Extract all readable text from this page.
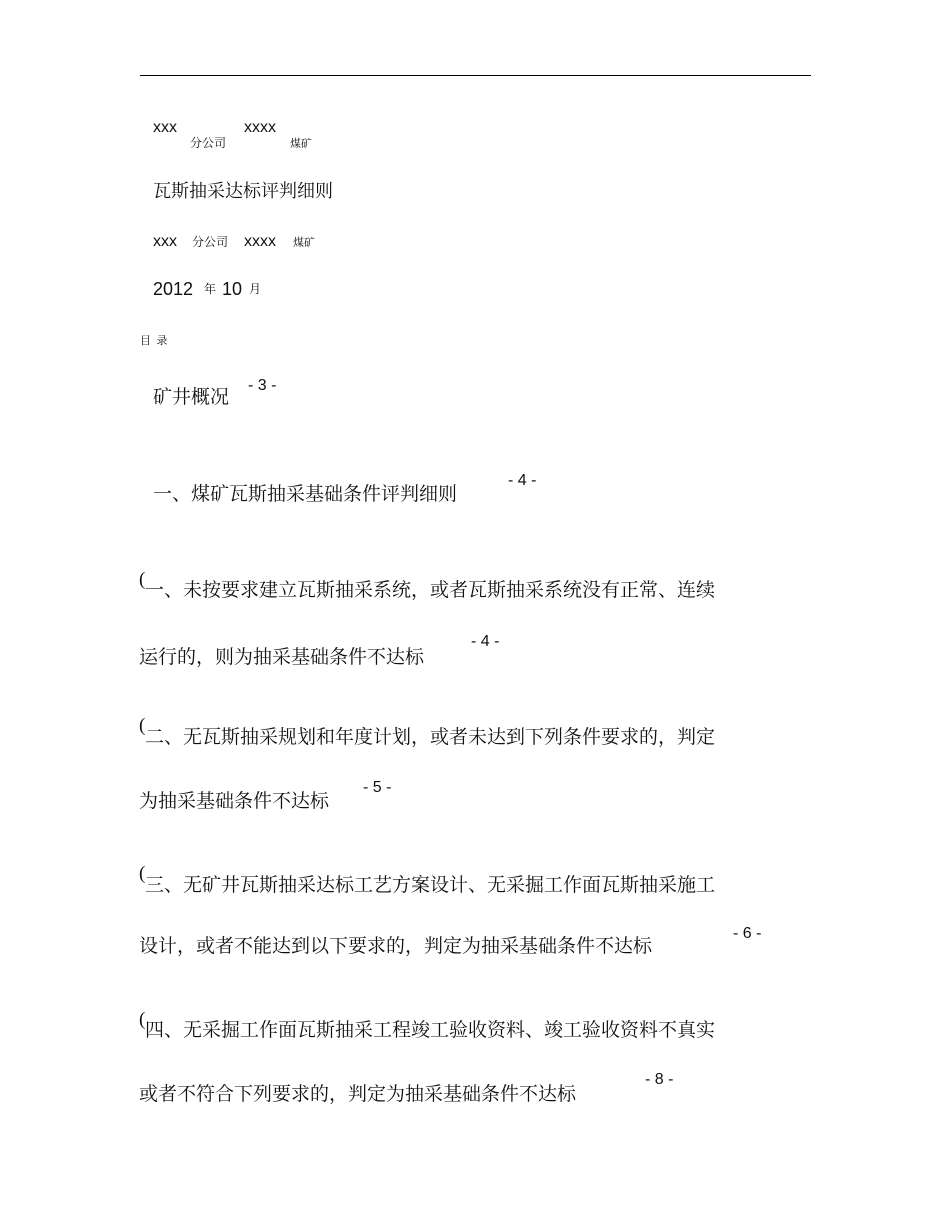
xxx
分公司
xxxx
煤矿
瓦斯抽采达标评判细则
xxx 分公司 xxxx 煤矿
2012 年 10 月
目 录
矿井概况
- 3 -
一、煤矿瓦斯抽采基础条件评判细则
- 4 -
( 一、未按要求建立瓦斯抽采系统，或者瓦斯抽采系统没有正常、连续
运行的，则为抽采基础条件不达标
- 4 -
(
二、无瓦斯抽采规划和年度计划，或者未达到下列条件要求的，判定
为抽采基础条件不达标
- 5 -
(
三、无矿井瓦斯抽采达标工艺方案设计、无采掘工作面瓦斯抽采施工
设计，或者不能达到以下要求的，判定为抽采基础条件不达标
- 6 -
( 四、无采掘工作面瓦斯抽采工程竣工验收资料、竣工验收资料不真实
或者不符合下列要求的，判定为抽采基础条件不达标
- 8 -
